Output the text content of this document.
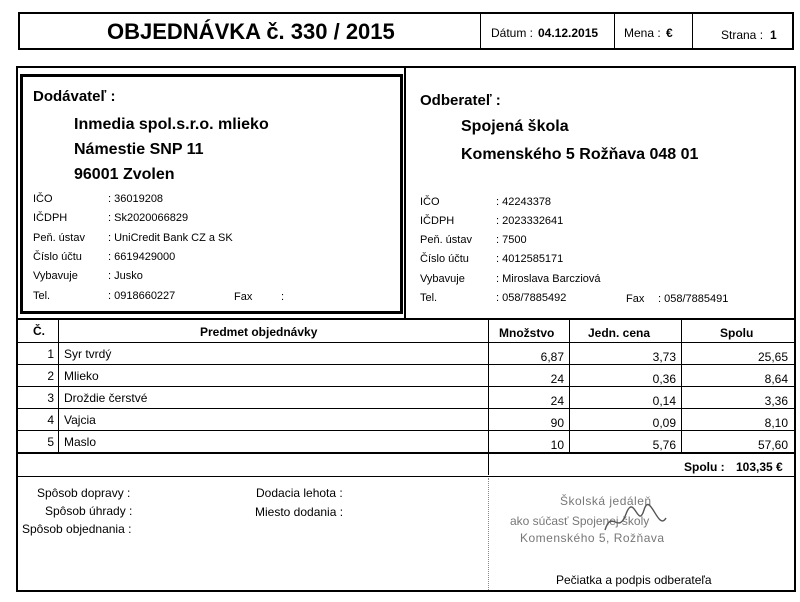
OBJEDNÁVKA č. 330 / 2015	Dátum : 04.12.2015 Mena : €	Strana : 1
Dodávateľ :
Inmedia spol.s.r.o. mlieko
Námestie SNP 11
96001 Zvolen
IČO	: 36019208
IČDPH	: Sk2020066829
Peň. ústav : UniCredit Bank CZ a SK
Číslo účtu : 6619429000
Vybavuje	: Jusko
Tel.	: 0918660227	Fax	:
Odberateľ :
Spojená škola
Komenského 5 Rožňava 048 01
IČO	: 42243378
IČDPH	: 2023332641
Peň. ústav : 7500
Číslo účtu : 4012585171
Vybavuje	: Miroslava Barcziová
Tel.	: 058/7885492	Fax : 058/7885491
Č.	Predmet objednávky	Množstvo	Jedn. cena	Spolu
1 Syr tvrdý	6,87	3,73	25,65
2 Mlieko	24	0,36	8,64
3 Droždie čerstvé	24	0,14	3,36
4 Vajcia	90	0,09	8,10
5 Maslo	10	5,76	57,60
Spolu : 103,35 €
Spôsob dopravy :
Spôsob úhrady :
Spôsob objednania :
Dodacia lehota :
Miesto dodania :
Školská jedáleň
ako súčasť Spojenej školy
Komenského 5, Rožňava
Pečiatka a podpis odberateľa
